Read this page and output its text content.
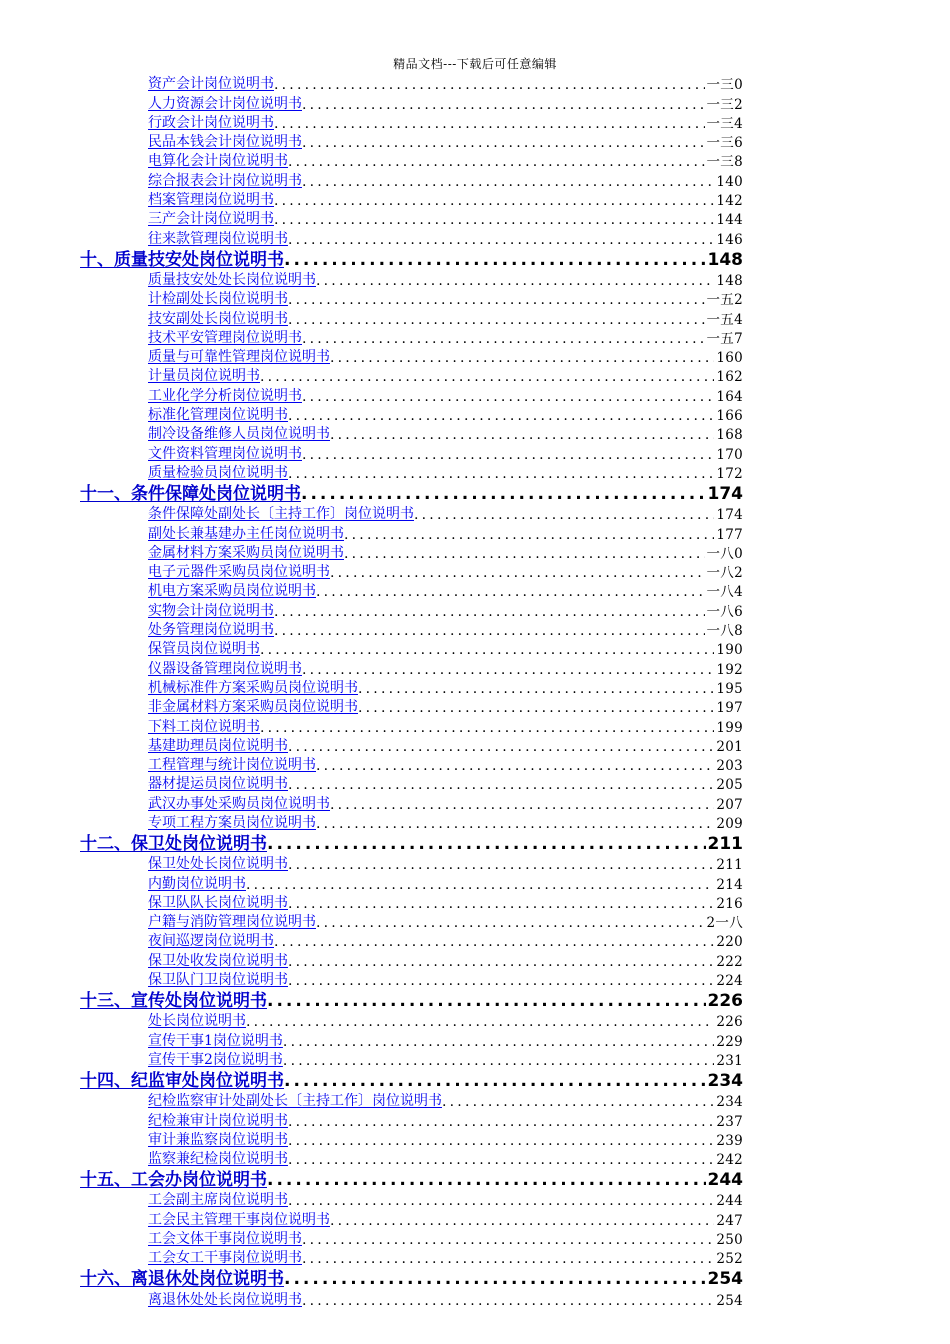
精品文档---下载后可任意编辑
资产会计岗位说明书 .....	一三0
人力资源会计岗位说明书 .....	一三2
行政会计岗位说明书 .....	一三4
民品本钱会计岗位说明书 .....	一三6
电算化会计岗位说明书 .....	一三8
综合报表会计岗位说明书 .....	140
档案管理岗位说明书 .....	142
三产会计岗位说明书 .....	144
往来款管理岗位说明书 .....	146
十、质量技安处岗位说明书 .....	148
质量技安处处长岗位说明书 .....	148
计检副处长岗位说明书 .....	一五2
技安副处长岗位说明书 .....	一五4
技术平安管理岗位说明书 .....	一五7
质量与可靠性管理岗位说明书 .....	160
计量员岗位说明书 .....	162
工业化学分析岗位说明书 .....	164
标准化管理岗位说明书 .....	166
制冷设备维修人员岗位说明书 .....	168
文件资料管理岗位说明书 .....	170
质量检验员岗位说明书 .....	172
十一、条件保障处岗位说明书 .....	174
条件保障处副处长〔主持工作〕岗位说明书 .....	174
副处长兼基建办主任岗位说明书 .....	177
金属材料方案采购员岗位说明书 .....	一八0
电子元器件采购员岗位说明书 .....	一八2
机电方案采购员岗位说明书 .....	一八4
实物会计岗位说明书 .....	一八6
处务管理岗位说明书 .....	一八8
保管员岗位说明书 .....	190
仪器设备管理岗位说明书 .....	192
机械标准件方案采购员岗位说明书 .....	195
非金属材料方案采购员岗位说明书 .....	197
下料工岗位说明书 .....	199
基建助理员岗位说明书 .....	201
工程管理与统计岗位说明书 .....	203
器材提运员岗位说明书 .....	205
武汉办事处采购员岗位说明书 .....	207
专项工程方案员岗位说明书 .....	209
十二、保卫处岗位说明书 .....	211
保卫处处长岗位说明书 .....	211
内勤岗位说明书 .....	214
保卫队队长岗位说明书 .....	216
户籍与消防管理岗位说明书 .....	2一八
夜间巡逻岗位说明书 .....	220
保卫处收发岗位说明书 .....	222
保卫队门卫岗位说明书 .....	224
十三、宣传处岗位说明书 .....	226
处长岗位说明书 .....	226
宣传干事1岗位说明书 .....	229
宣传干事2岗位说明书 .....	231
十四、纪监审处岗位说明书 .....	234
纪检监察审计处副处长〔主持工作〕岗位说明书 .....	234
纪检兼审计岗位说明书 .....	237
审计兼监察岗位说明书 .....	239
监察兼纪检岗位说明书 .....	242
十五、工会办岗位说明书 .....	244
工会副主席岗位说明书 .....	244
工会民主管理干事岗位说明书 .....	247
工会文体干事岗位说明书 .....	250
工会女工干事岗位说明书 .....	252
十六、离退休处岗位说明书 .....	254
离退休处处长岗位说明书 .....	254
